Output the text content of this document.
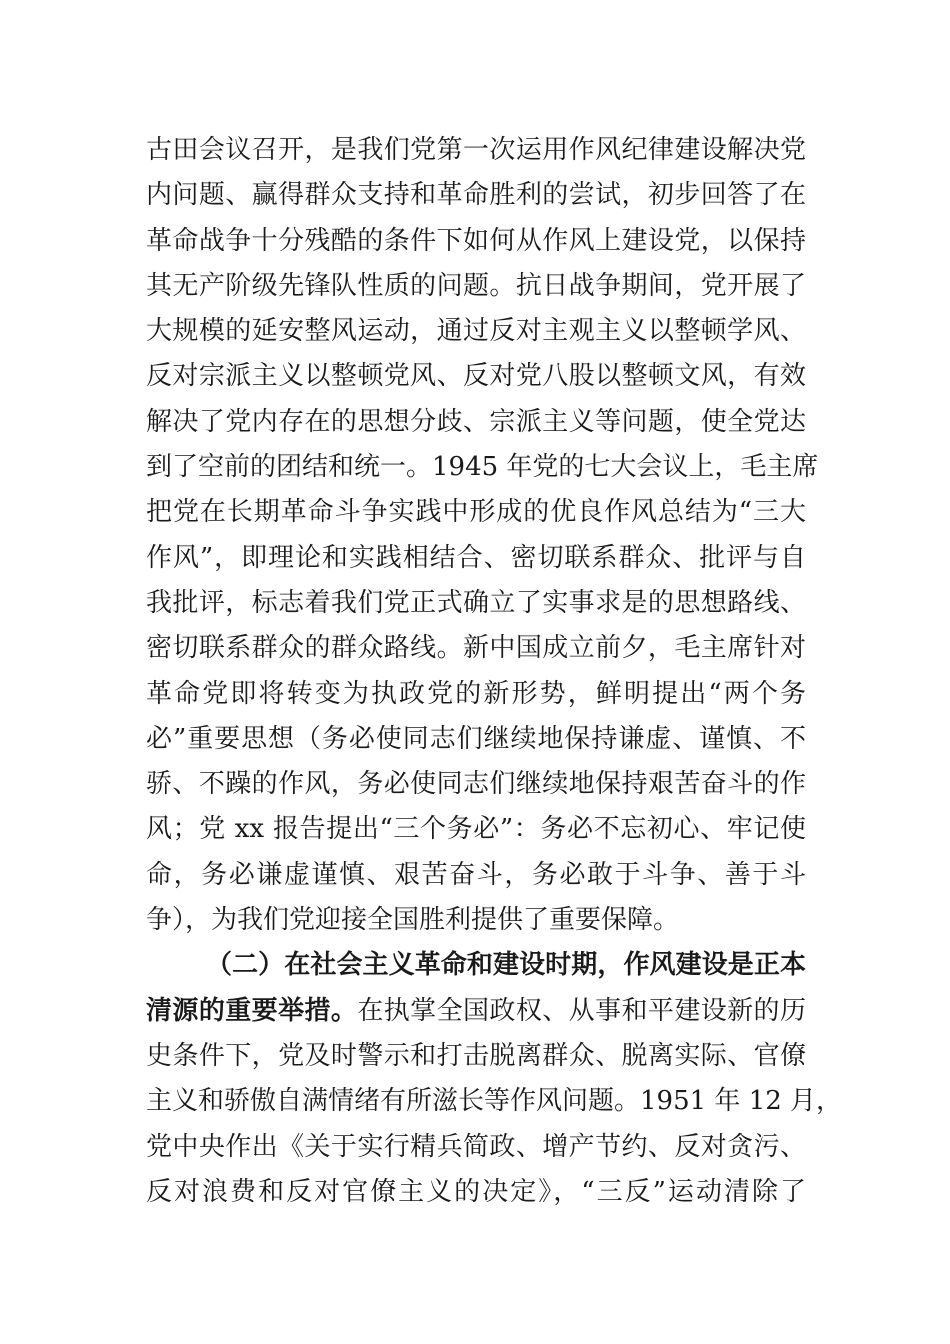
古田会议召开，是我们党第一次运用作风纪律建设解决党
内问题、赢得群众支持和革命胜利的尝试，初步回答了在
革命战争十分残酷的条件下如何从作风上建设党，以保持
其无产阶级先锋队性质的问题。抗日战争期间，党开展了
大规模的延安整风运动，通过反对主观主义以整顿学风、
反对宗派主义以整顿党风、反对党八股以整顿文风，有效
解决了党内存在的思想分歧、宗派主义等问题，使全党达
到了空前的团结和统一。1945 年党的七大会议上，毛主席
把党在长期革命斗争实践中形成的优良作风总结为“三大
作风”，即理论和实践相结合、密切联系群众、批评与自
我批评，标志着我们党正式确立了实事求是的思想路线、
密切联系群众的群众路线。新中国成立前夕，毛主席针对
革命党即将转变为执政党的新形势，鲜明提出“两个务
必”重要思想（务必使同志们继续地保持谦虚、谨慎、不
骄、不躁的作风，务必使同志们继续地保持艰苦奋斗的作
风；党 xx 报告提出“三个务必”：务必不忘初心、牢记使
命，务必谦虚谨慎、艰苦奋斗，务必敢于斗争、善于斗
争），为我们党迎接全国胜利提供了重要保障。
（二）在社会主义革命和建设时期，作风建设是正本
清源的重要举措。在执掌全国政权、从事和平建设新的历
史条件下，党及时警示和打击脱离群众、脱离实际、官僚
主义和骄傲自满情绪有所滋长等作风问题。1951 年 12 月，
党中央作出《关于实行精兵简政、增产节约、反对贪污、
反对浪费和反对官僚主义的决定》，“三反”运动清除了
